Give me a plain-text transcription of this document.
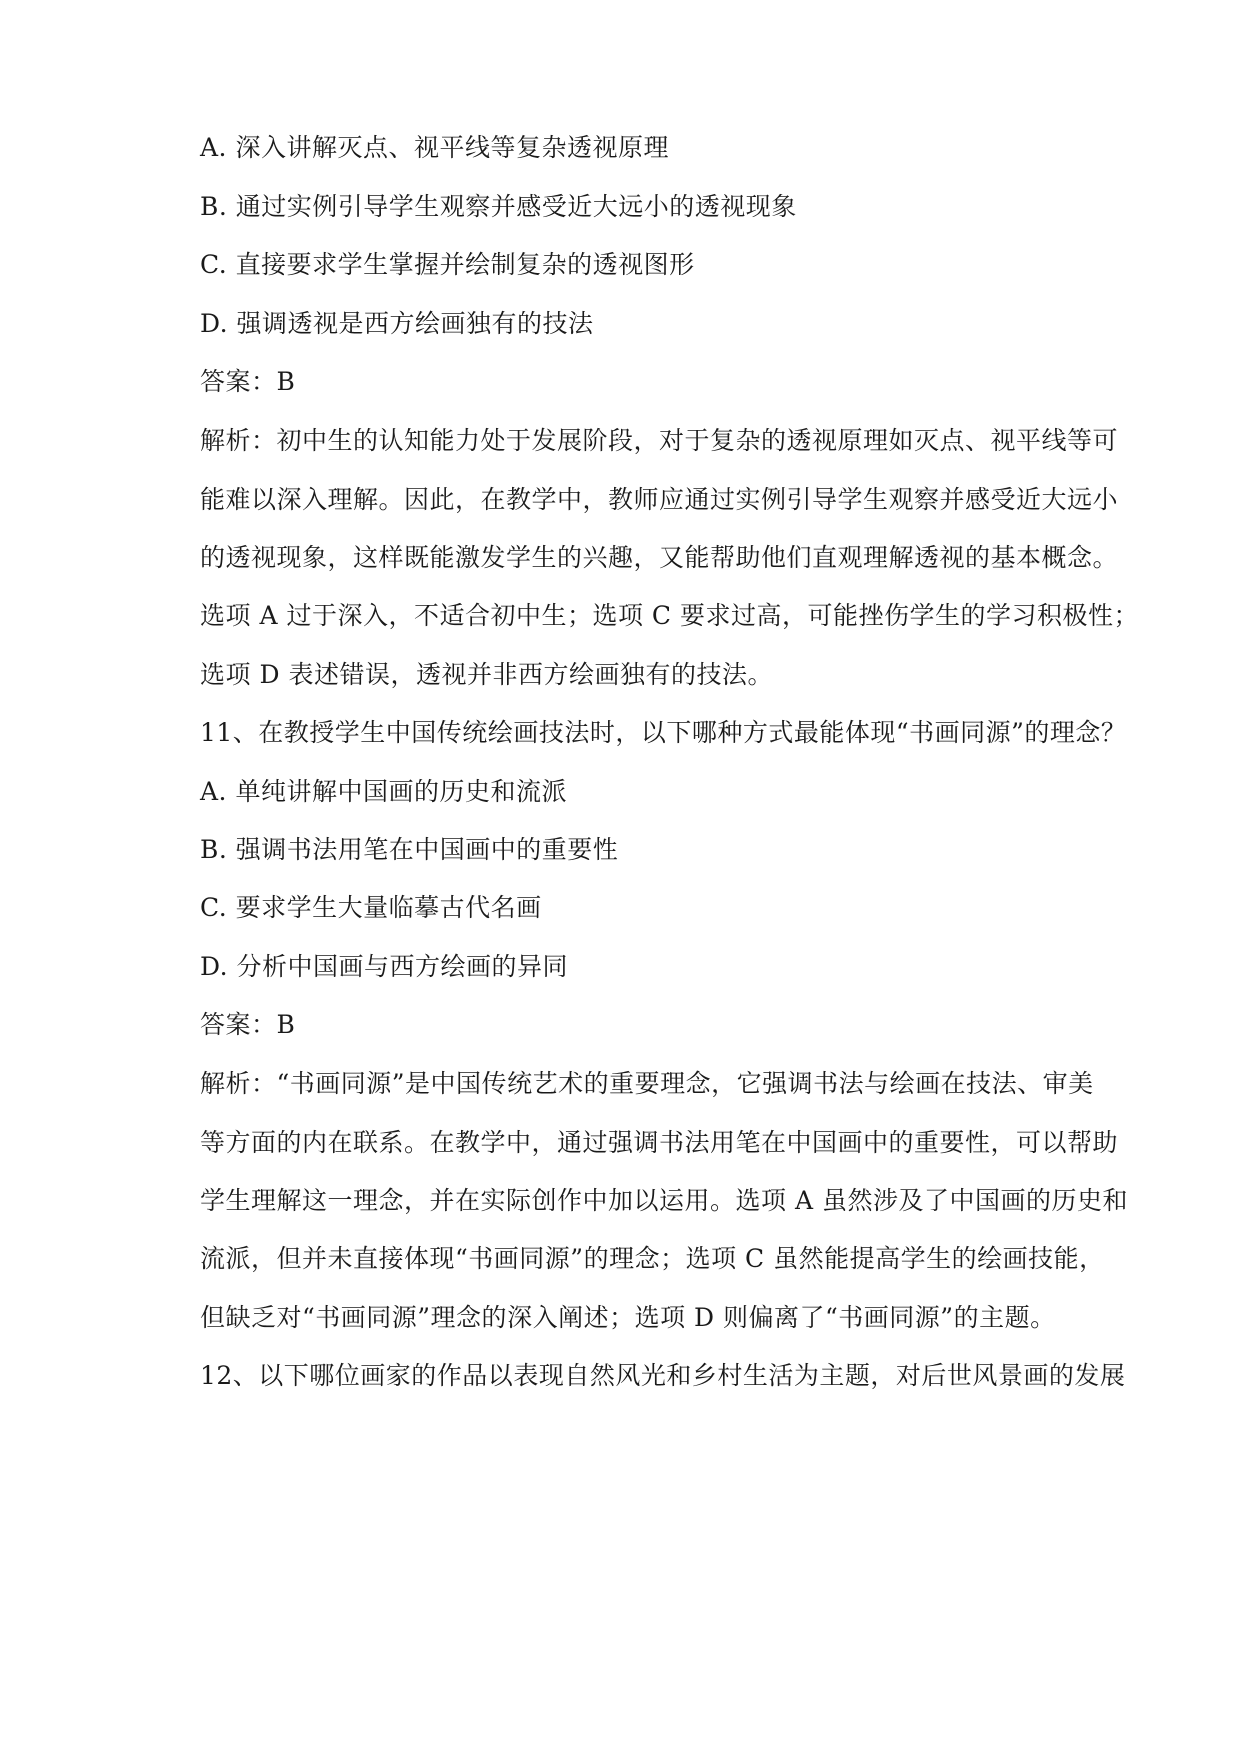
A. 深入讲解灭点、视平线等复杂透视原理
B. 通过实例引导学生观察并感受近大远小的透视现象
C. 直接要求学生掌握并绘制复杂的透视图形
D. 强调透视是西方绘画独有的技法
答案：B
解析：初中生的认知能力处于发展阶段，对于复杂的透视原理如灭点、视平线等可
能难以深入理解。因此，在教学中，教师应通过实例引导学生观察并感受近大远小
的透视现象，这样既能激发学生的兴趣，又能帮助他们直观理解透视的基本概念。
选项 A 过于深入，不适合初中生；选项 C 要求过高，可能挫伤学生的学习积极性；
选项 D 表述错误，透视并非西方绘画独有的技法。
11、在教授学生中国传统绘画技法时，以下哪种方式最能体现“书画同源”的理念？
A. 单纯讲解中国画的历史和流派
B. 强调书法用笔在中国画中的重要性
C. 要求学生大量临摹古代名画
D. 分析中国画与西方绘画的异同
答案：B
解析：“书画同源”是中国传统艺术的重要理念，它强调书法与绘画在技法、审美
等方面的内在联系。在教学中，通过强调书法用笔在中国画中的重要性，可以帮助
学生理解这一理念，并在实际创作中加以运用。选项 A 虽然涉及了中国画的历史和
流派，但并未直接体现“书画同源”的理念；选项 C 虽然能提高学生的绘画技能，
但缺乏对“书画同源”理念的深入阐述；选项 D 则偏离了“书画同源”的主题。
12、以下哪位画家的作品以表现自然风光和乡村生活为主题，对后世风景画的发展
